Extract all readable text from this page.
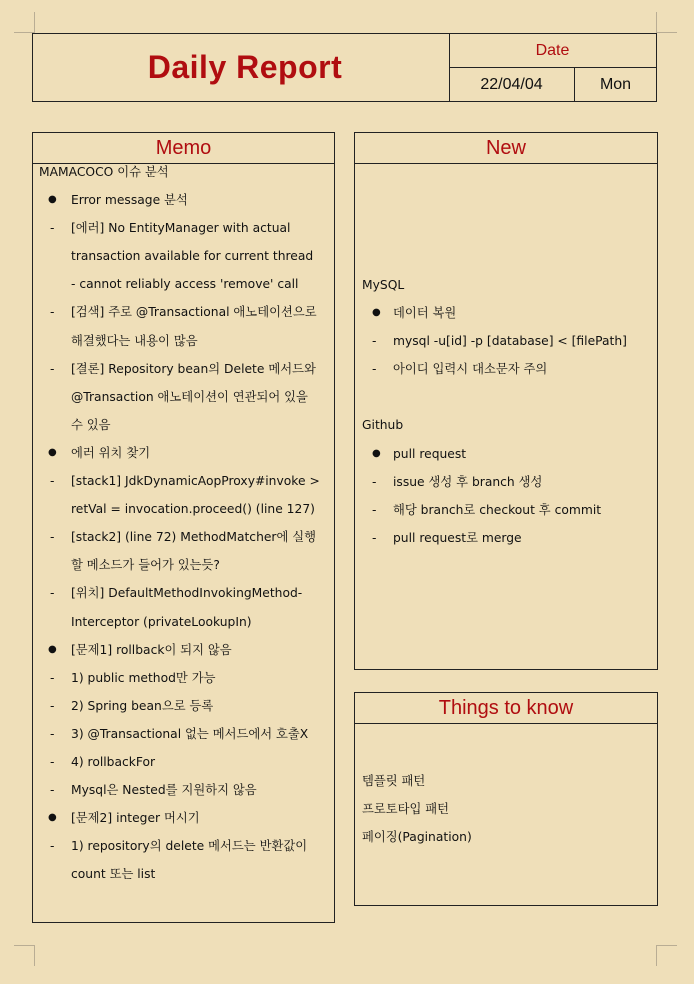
Daily Report	Date
22/04/04	Mon
Memo
MAMACOCO 이슈 분석
● Error message 분석
- [에러] No EntityManager with actual
transaction available for current thread
- cannot reliably access 'remove' call
- [검색] 주로 @Transactional 애노테이션으로
해결했다는 내용이 많음
- [결론] Repository bean의 Delete 메서드와
@Transaction 애노테이션이 연관되어 있을
수 있음
● 에러 위치 찾기
- [stack1] JdkDynamicAopProxy#invoke >
retVal = invocation.proceed() (line 127)
- [stack2] (line 72) MethodMatcher에 실행
할 메소드가 들어가 있는듯?
- [위치] DefaultMethodInvokingMethod-
Interceptor (privateLookupIn)
● [문제1] rollback이 되지 않음
- 1) public method만 가능
- 2) Spring bean으로 등록
- 3) @Transactional 없는 메서드에서 호출X
- 4) rollbackFor
- Mysql은 Nested를 지원하지 않음
● [문제2] integer 머시기
- 1) repository의 delete 메서드는 반환값이
count 또는 list
New
MySQL
● 데이터 복원
- mysql -u[id] -p [database] < [filePath]
- 아이디 입력시 대소문자 주의
Github
● pull request
- issue 생성 후 branch 생성
- 해당 branch로 checkout 후 commit
- pull request로 merge
Things to know
템플릿 패턴
프로토타입 패턴
페이징(Pagination)
